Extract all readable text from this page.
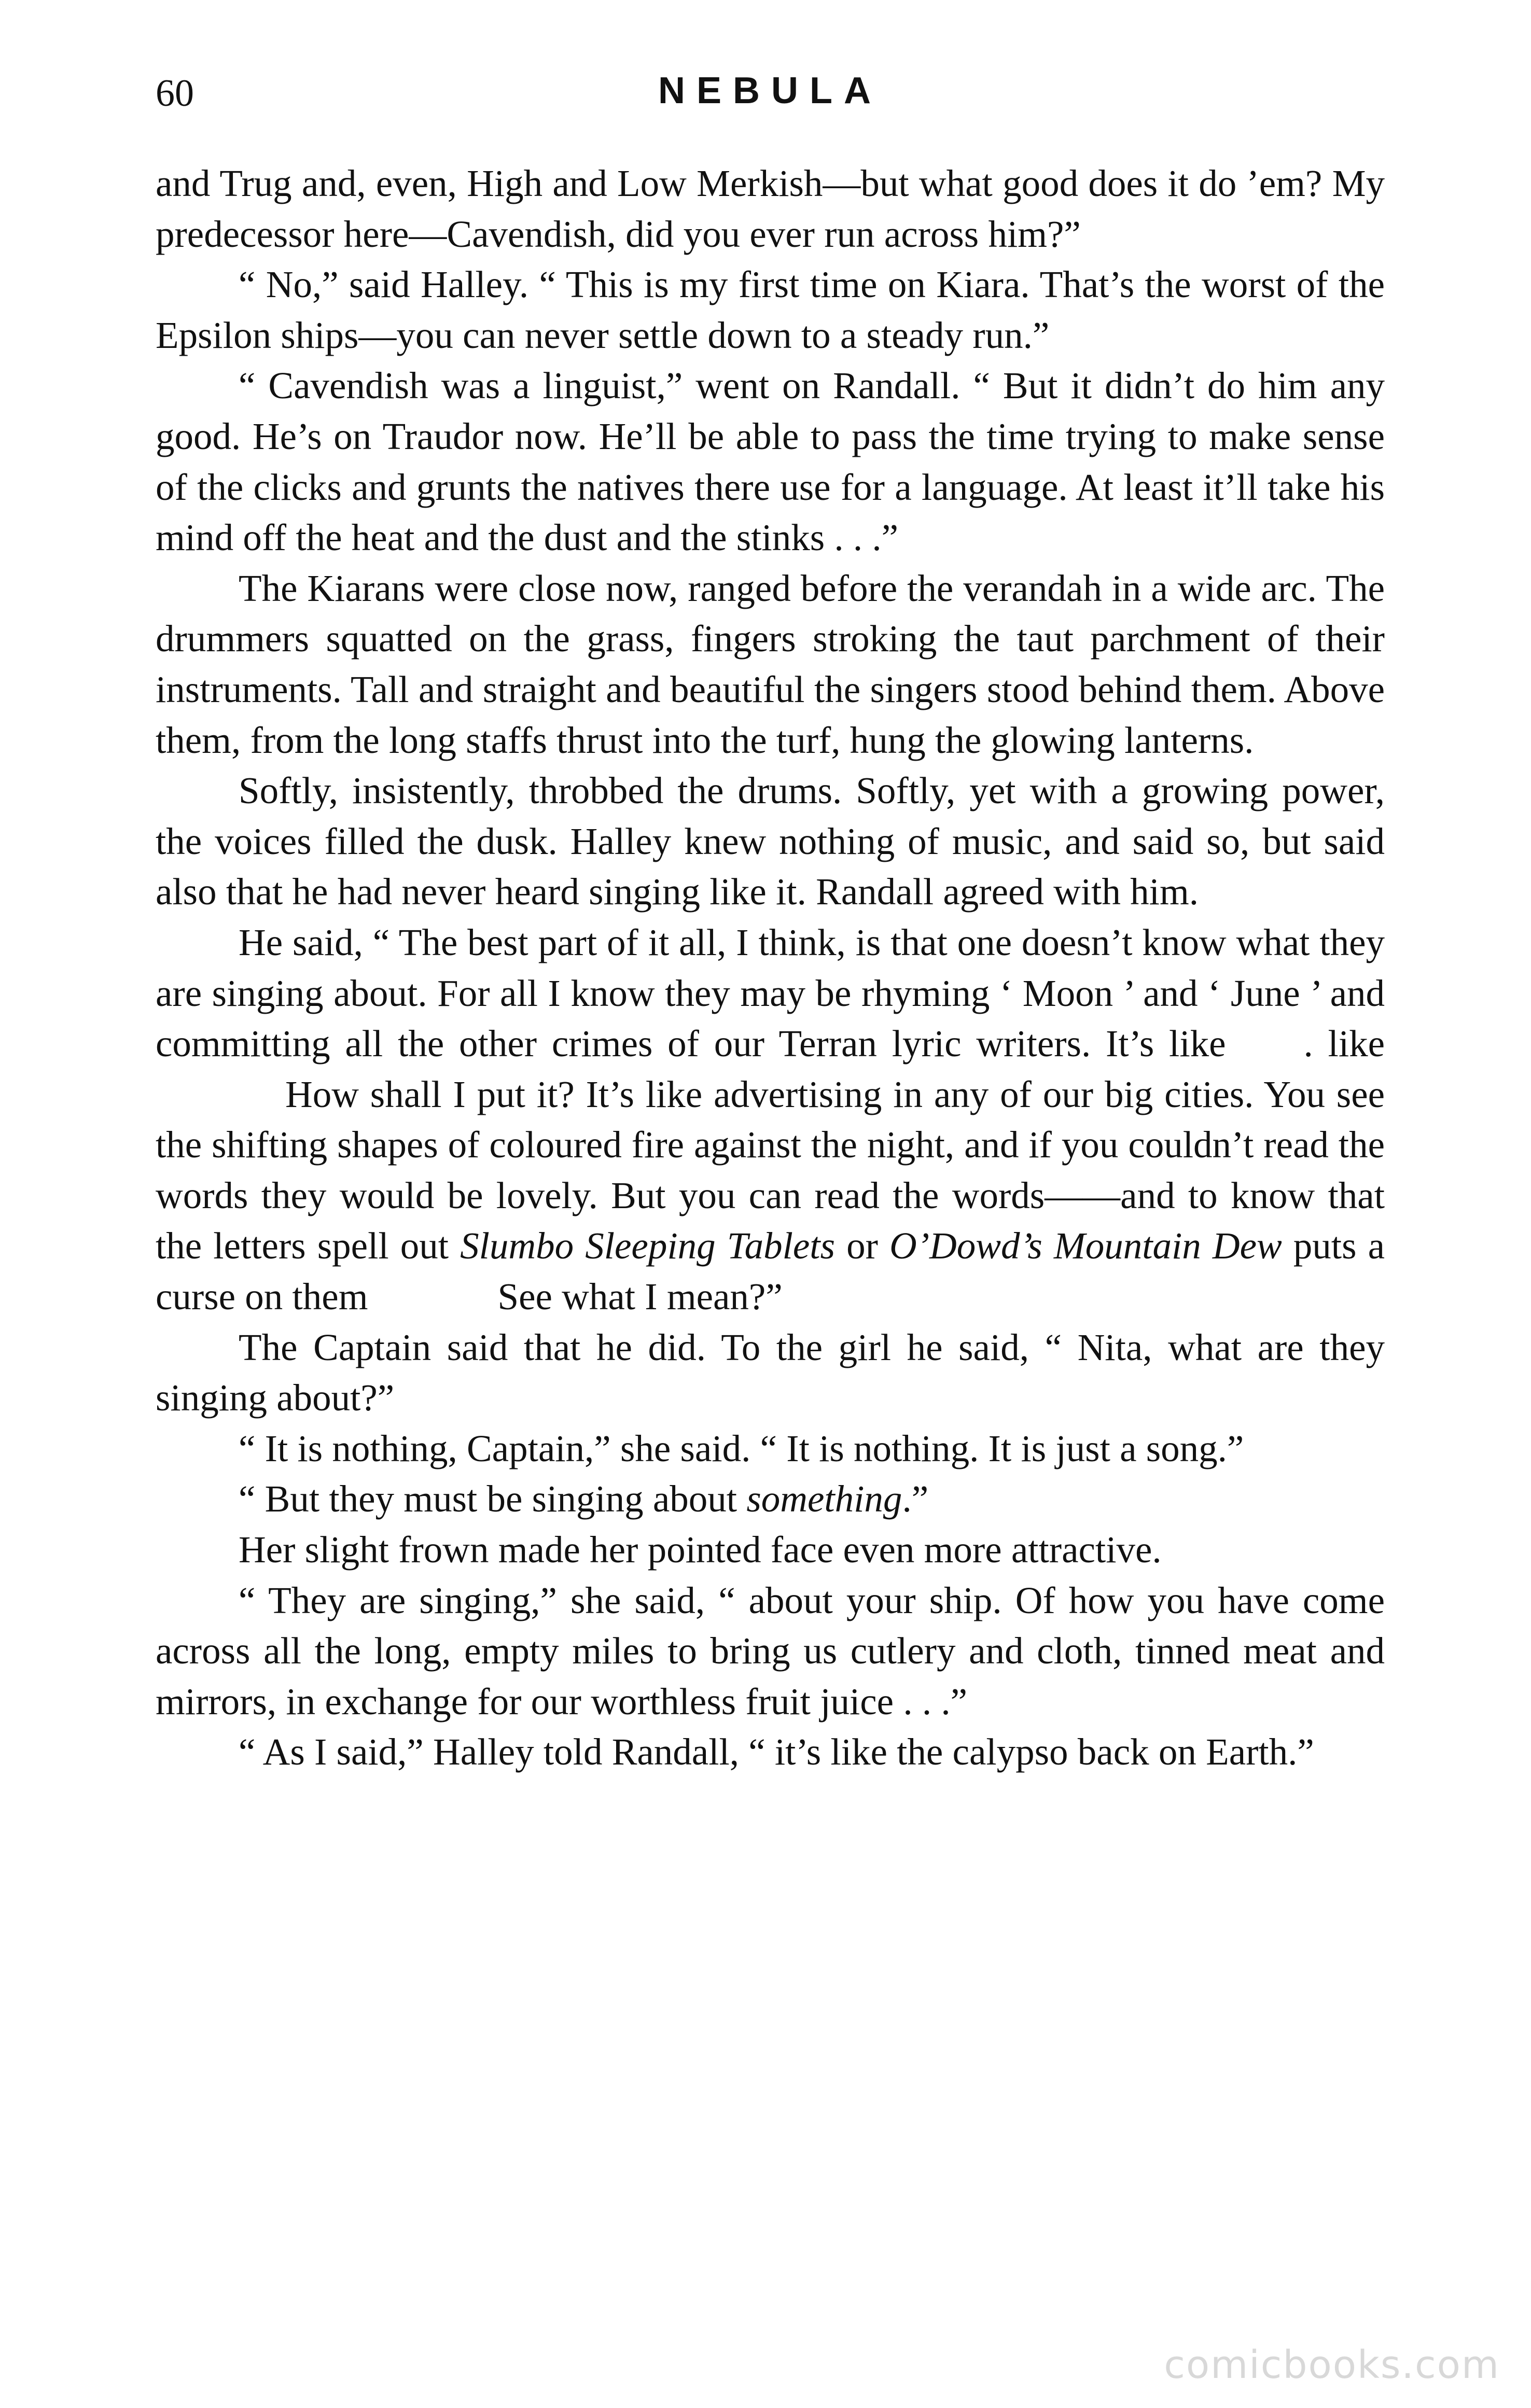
60	NEBULA

and Trug and, even, High and Low Merkish—but what good does it do ’em? My predecessor here—Cavendish, did you ever run across him?”

“ No,” said Halley. “ This is my first time on Kiara. That’s the worst of the Epsilon ships—you can never settle down to a steady run.”

“ Cavendish was a linguist,” went on Randall. “ But it didn’t do him any good. He’s on Traudor now. He’ll be able to pass the time trying to make sense of the clicks and grunts the natives there use for a language. At least it’ll take his mind off the heat and the dust and the stinks . . .”

The Kiarans were close now, ranged before the verandah in a wide arc. The drummers squatted on the grass, fingers stroking the taut parchment of their instruments. Tall and straight and beautiful the singers stood behind them. Above them, from the long staffs thrust into the turf, hung the glowing lanterns.

Softly, insistently, throbbed the drums. Softly, yet with a growing power, the voices filled the dusk. Halley knew nothing of music, and said so, but said also that he had never heard singing like it. Randall agreed with him.

He said, “ The best part of it all, I think, is that one doesn’t know what they are singing about. For all I know they may be rhyming ‘ Moon ’ and ‘ June ’ and committing all the other crimes of our Terran lyric writers. It’s like . likeHow shall I put it? It’s like advertising in any of our big cities. You see the shifting shapes of coloured fire against the night, and if you couldn’t read the words they would be lovely. But you can read the words——and to know that the letters spell out Slumbo Sleeping Tablets or O’Dowd’s Mountain Dew puts a curse on them	See what I mean?”

The Captain said that he did. To the girl he said, “ Nita, what are they singing about?”

“ It is nothing, Captain,” she said. “ It is nothing. It is just a song.”

“ But they must be singing about something.”

Her slight frown made her pointed face even more attractive.

“ They are singing,” she said, “ about your ship. Of how you have come across all the long, empty miles to bring us cutlery and cloth, tinned meat and mirrors, in exchange for our worthless fruit juice . . .”

“ As I said,” Halley told Randall, “ it’s like the calypso back on Earth.”

comicbooks.com
